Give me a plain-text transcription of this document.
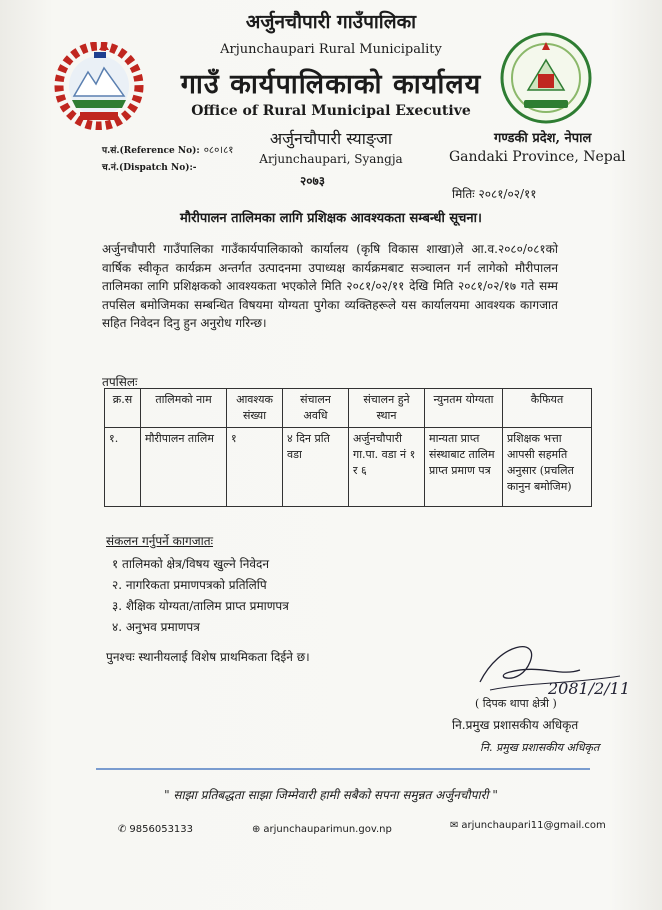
अर्जुनचौपारी गाउँपालिका
Arjunchaupari Rural Municipality
गाउँ कार्यपालिकाको कार्यालय
Office of Rural Municipal Executive
अर्जुनचौपारी स्याङ्जा
Arjunchaupari, Syangja
२०७३
गण्डकी प्रदेश, नेपाल
Gandaki Province, Nepal
प.सं.(Reference No): ०८०।८१
च.नं.(Dispatch No):-
मितिः २०८१/०२/११
मौरीपालन तालिमका लागि प्रशिक्षक आवश्यकता सम्बन्धी सूचना।
अर्जुनचौपारी गाउँपालिका गाउँकार्यपालिकाको कार्यालय (कृषि विकास शाखा)ले आ.व.२०८०/०८१को वार्षिक स्वीकृत कार्यक्रम अन्तर्गत उत्पादनमा उपाध्यक्ष कार्यक्रमबाट सञ्चालन गर्न लागेको मौरीपालन तालिमका लागि प्रशिक्षकको आवश्यकता भएकोले मिति २०८१/०२/११ देखि मिति २०८१/०२/१७ गते सम्म तपसिल बमोजिमका सम्बन्धित विषयमा योग्यता पुगेका व्यक्तिहरूले यस कार्यालयमा आवश्यक कागजात सहित निवेदन दिनु हुन अनुरोध गरिन्छ।
तपसिलः
क्र.स	तालिमको नाम	आवश्यक संख्या	संचालन अवधि	संचालन हुने स्थान	न्युनतम योग्यता	कैफियत
१.	मौरीपालन तालिम	१	४ दिन प्रति वडा	अर्जुनचौपारी गा.पा. वडा नं १ र ६	मान्यता प्राप्त संस्थाबाट तालिम प्राप्त प्रमाण पत्र	प्रशिक्षक भत्ता आपसी सहमति अनुसार (प्रचलित कानुन बमोजिम)
संकलन गर्नुपर्ने कागजातः
१ तालिमको क्षेत्र/विषय खुल्ने निवेदन
२. नागरिकता प्रमाणपत्रको प्रतिलिपि
३. शैक्षिक योग्यता/तालिम प्राप्त प्रमाणपत्र
४. अनुभव प्रमाणपत्र
पुनश्चः स्थानीयलाई विशेष प्राथमिकता दिईने छ।
2081/2/11
( दिपक थापा क्षेत्री )
नि.प्रमुख प्रशासकीय अधिकृत
नि. प्रमुख प्रशासकीय अधिकृत
" साझा प्रतिबद्धता साझा जिम्मेवारी हामी सबैको सपना समुन्नत अर्जुनचौपारी "
✆ 9856053133	⊕ arjunchauparimun.gov.np	✉ arjunchaupari11@gmail.com
